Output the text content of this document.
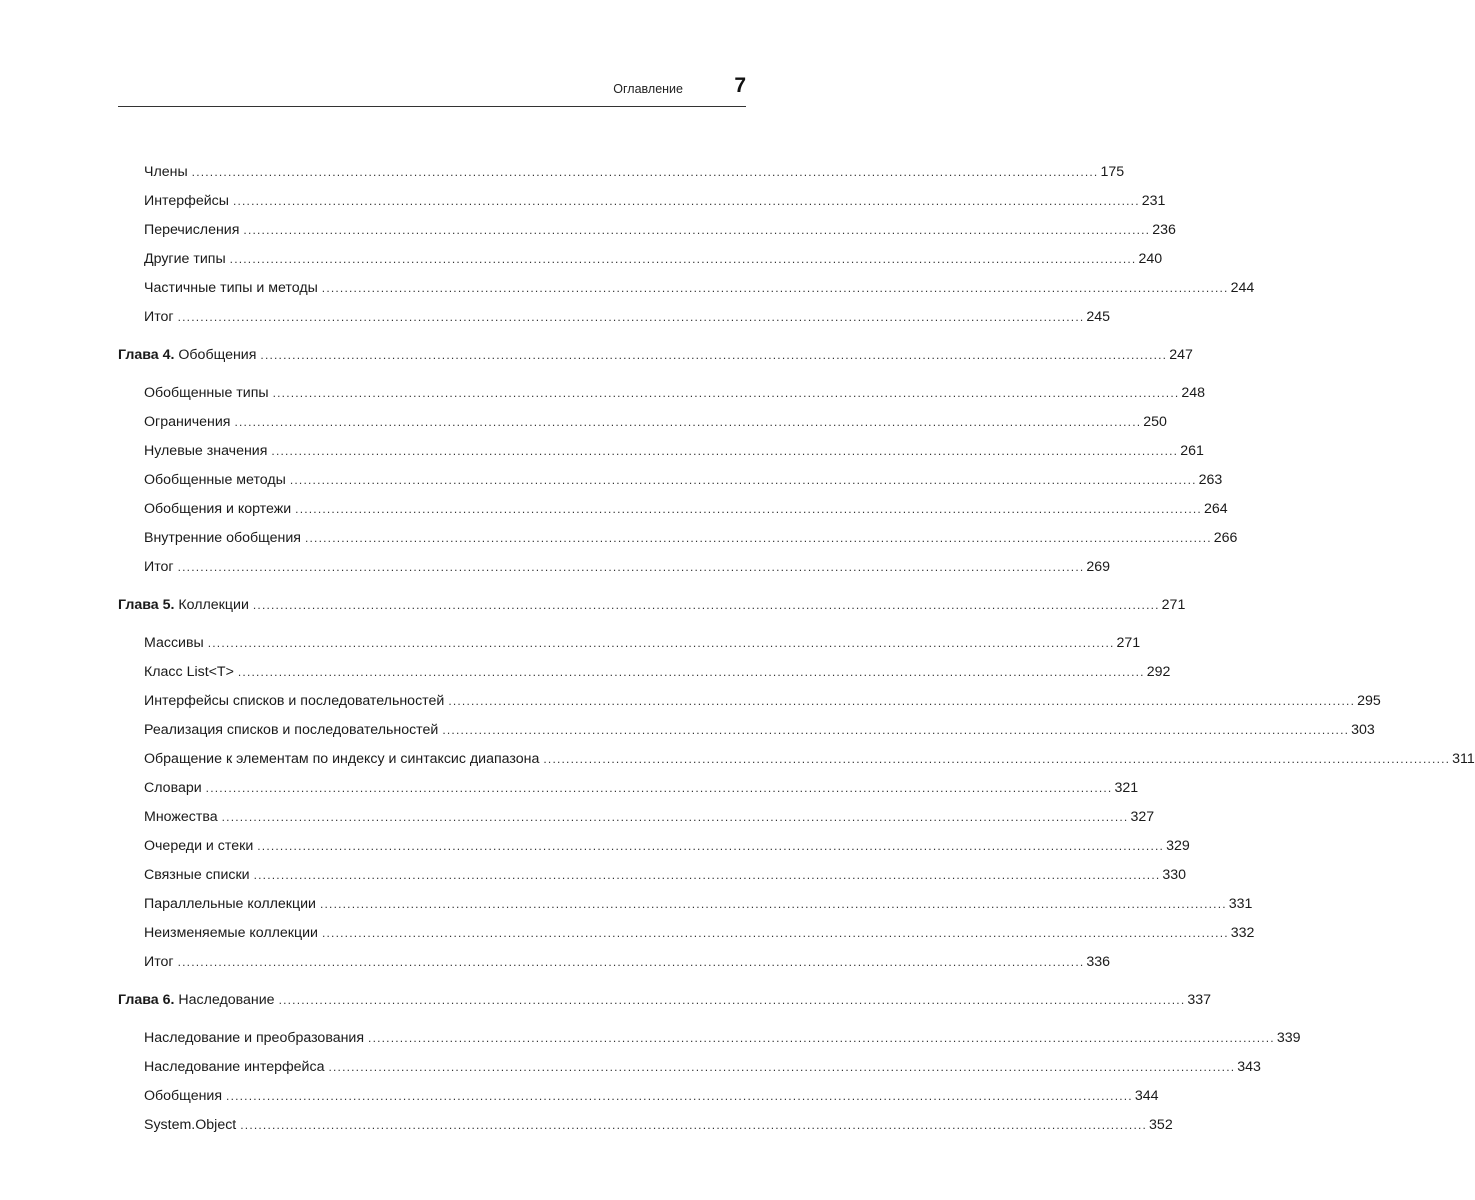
Оглавление 7
Члены ........................................................................................................................................................................................................ 175
Интерфейсы ........................................................................................................................................................................................................ 231
Перечисления ........................................................................................................................................................................................................ 236
Другие типы ........................................................................................................................................................................................................ 240
Частичные типы и методы ........................................................................................................................................................................................................ 244
Итог ........................................................................................................................................................................................................ 245
Глава 4. Обобщения ........................................................................................................................................................................................................ 247
Обобщенные типы ........................................................................................................................................................................................................ 248
Ограничения ........................................................................................................................................................................................................ 250
Нулевые значения ........................................................................................................................................................................................................ 261
Обобщенные методы ........................................................................................................................................................................................................ 263
Обобщения и кортежи ........................................................................................................................................................................................................ 264
Внутренние обобщения ........................................................................................................................................................................................................ 266
Итог ........................................................................................................................................................................................................ 269
Глава 5. Коллекции ........................................................................................................................................................................................................ 271
Массивы ........................................................................................................................................................................................................ 271
Класс List<T> ........................................................................................................................................................................................................ 292
Интерфейсы списков и последовательностей ........................................................................................................................................................................................................ 295
Реализация списков и последовательностей ........................................................................................................................................................................................................ 303
Обращение к элементам по индексу и синтаксис диапазона ........................................................................................................................................................................................................ 311
Словари ........................................................................................................................................................................................................ 321
Множества ........................................................................................................................................................................................................ 327
Очереди и стеки ........................................................................................................................................................................................................ 329
Связные списки ........................................................................................................................................................................................................ 330
Параллельные коллекции ........................................................................................................................................................................................................ 331
Неизменяемые коллекции ........................................................................................................................................................................................................ 332
Итог ........................................................................................................................................................................................................ 336
Глава 6. Наследование ........................................................................................................................................................................................................ 337
Наследование и преобразования ........................................................................................................................................................................................................ 339
Наследование интерфейса ........................................................................................................................................................................................................ 343
Обобщения ........................................................................................................................................................................................................ 344
System.Object ........................................................................................................................................................................................................ 352
